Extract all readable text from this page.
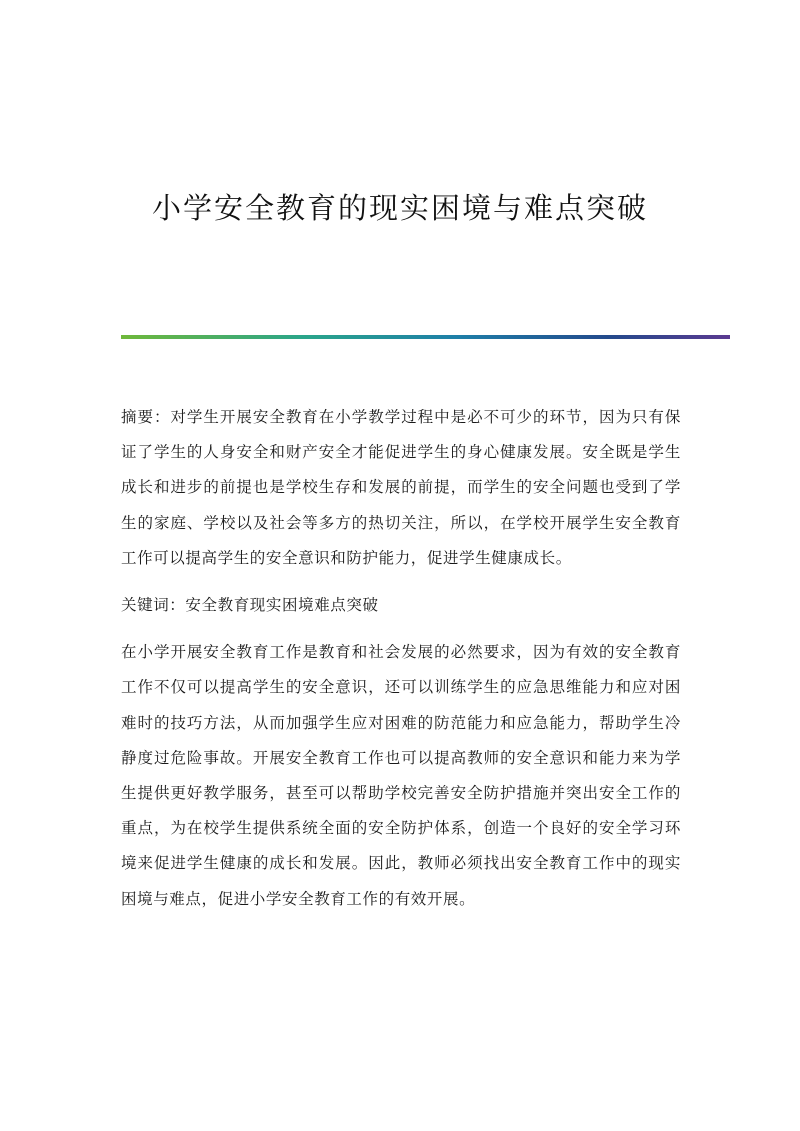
小学安全教育的现实困境与难点突破

摘要：对学生开展安全教育在小学教学过程中是必不可少的环节，因为只有保证了学生的人身安全和财产安全才能促进学生的身心健康发展。安全既是学生成长和进步的前提也是学校生存和发展的前提，而学生的安全问题也受到了学生的家庭、学校以及社会等多方的热切关注，所以，在学校开展学生安全教育工作可以提高学生的安全意识和防护能力，促进学生健康成长。

关键词：安全教育现实困境难点突破

在小学开展安全教育工作是教育和社会发展的必然要求，因为有效的安全教育工作不仅可以提高学生的安全意识，还可以训练学生的应急思维能力和应对困难时的技巧方法，从而加强学生应对困难的防范能力和应急能力，帮助学生冷静度过危险事故。开展安全教育工作也可以提高教师的安全意识和能力来为学生提供更好教学服务，甚至可以帮助学校完善安全防护措施并突出安全工作的重点，为在校学生提供系统全面的安全防护体系，创造一个良好的安全学习环境来促进学生健康的成长和发展。因此，教师必须找出安全教育工作中的现实困境与难点，促进小学安全教育工作的有效开展。
